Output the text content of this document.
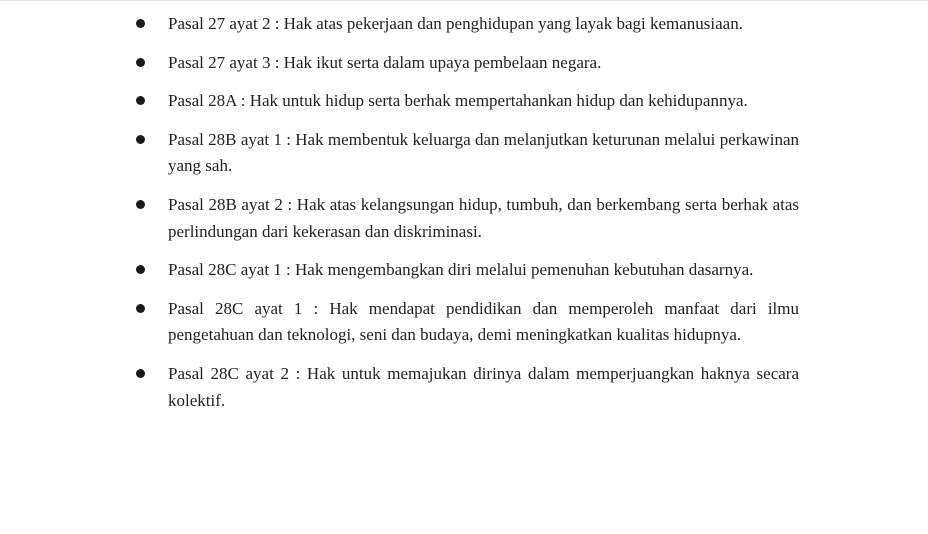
Pasal 27 ayat 2 : Hak atas pekerjaan dan penghidupan yang layak bagi kemanusiaan.
Pasal 27 ayat 3 : Hak ikut serta dalam upaya pembelaan negara.
Pasal 28A : Hak untuk hidup serta berhak mempertahankan hidup dan kehidupannya.
Pasal 28B ayat 1 : Hak membentuk keluarga dan melanjutkan keturunan melalui perkawinan yang sah.
Pasal 28B ayat 2 : Hak atas kelangsungan hidup, tumbuh, dan berkembang serta berhak atas perlindungan dari kekerasan dan diskriminasi.
Pasal 28C ayat 1 : Hak mengembangkan diri melalui pemenuhan kebutuhan dasarnya.
Pasal 28C ayat 1 : Hak mendapat pendidikan dan memperoleh manfaat dari ilmu pengetahuan dan teknologi, seni dan budaya, demi meningkatkan kualitas hidupnya.
Pasal 28C ayat 2 : Hak untuk memajukan dirinya dalam memperjuangkan haknya secara kolektif.
